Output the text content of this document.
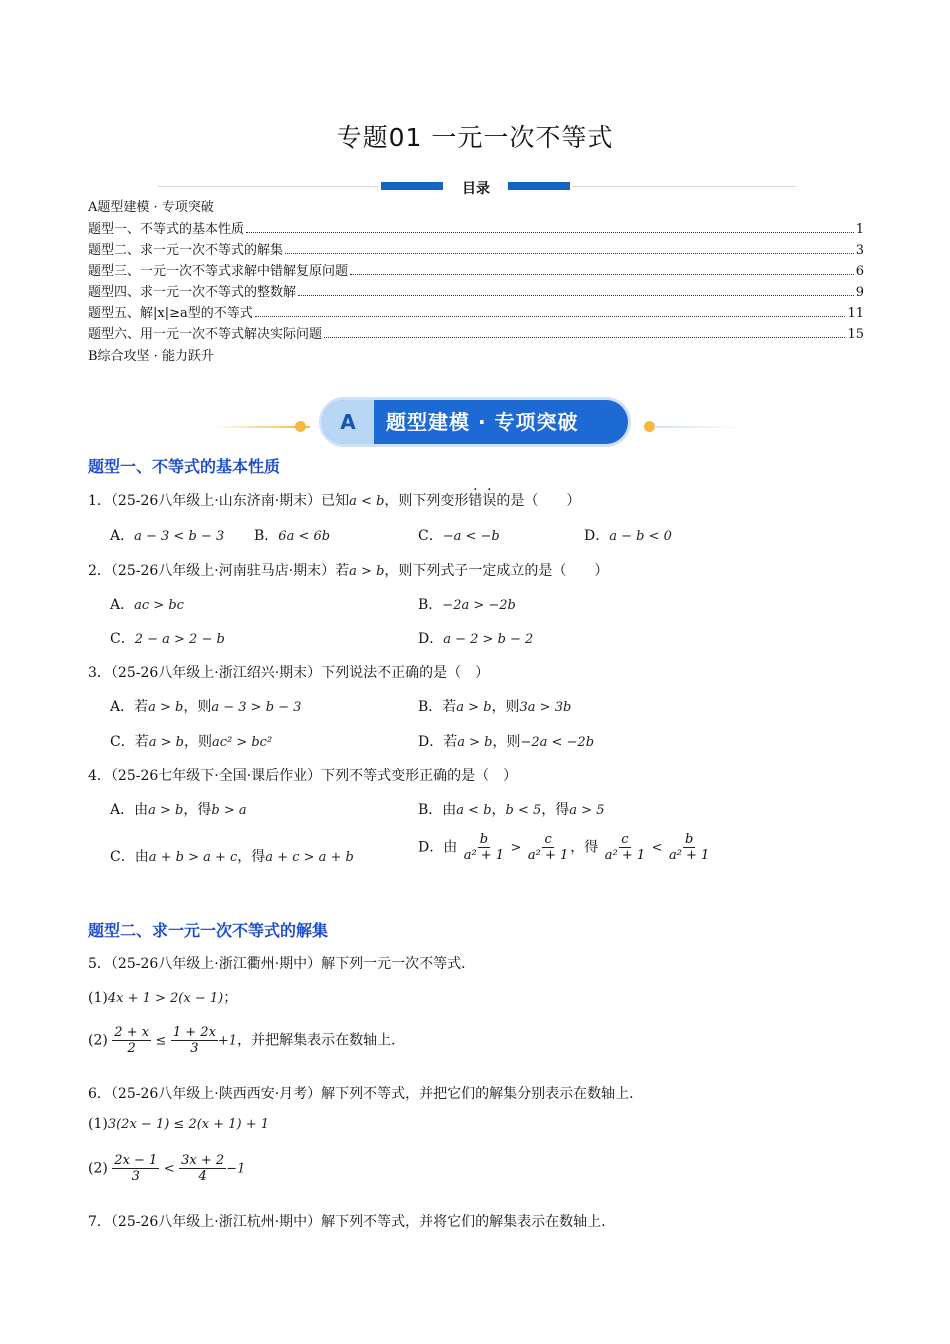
专题01 一元一次不等式
目录
A题型建模 · 专项突破
题型一、不等式的基本性质	1
题型二、求一元一次不等式的解集	3
题型三、一元一次不等式求解中错解复原问题	6
题型四、求一元一次不等式的整数解	9
题型五、解|x|≥a型的不等式	11
题型六、用一元一次不等式解决实际问题	15
B综合攻坚 · 能力跃升
A	题型建模 · 专项突破
题型一、不等式的基本性质
1．（25-26八年级上·山东济南·期末）已知a < b，则下列变形错误的是（　　）
A．a − 3 < b − 3 B．6a < 6b	C．−a < −b	D．a − b < 0
2．（25-26八年级上·河南驻马店·期末）若a > b，则下列式子一定成立的是（　　）
A．ac > bc	B．−2a > −2b
C．2 − a > 2 − b	D．a − 2 > b − 2
3．（25-26八年级上·浙江绍兴·期末）下列说法不正确的是（　）
A．若a > b，则a − 3 > b − 3	B．若a > b，则3a > 3b
C．若a > b，则ac² > bc²	D．若a > b，则−2a < −2b
4．（25-26七年级下·全国·课后作业）下列不等式变形正确的是（　）
A．由a > b，得b > a	B．由a < b，b < 5，得a > 5
C．由a + b > a + c，得a + c > a + b
D．由 $\frac{b}{\text{a² + 1}} > \frac{c}{\text{a² + 1}}$ ，得 $\frac{c}{\text{a² + 1}} < \frac{b}{\text{a² + 1}}$
题型二、求一元一次不等式的解集
5．（25-26八年级上·浙江衢州·期中）解下列一元一次不等式．
(1)4x + 1 > 2(x − 1)；
$(2) \frac{2 + x}{2} \le \frac{1 + 2x}{3} +1$，并把解集表示在数轴上．
6．（25-26八年级上·陕西西安·月考）解下列不等式，并把它们的解集分别表示在数轴上．
(1)3(2x − 1) ≤ 2(x + 1) + 1
$(2) \frac{2x - 1}{3} < \frac{3x + 2}{4} -1$
7．（25-26八年级上·浙江杭州·期中）解下列不等式，并将它们的解集表示在数轴上．
